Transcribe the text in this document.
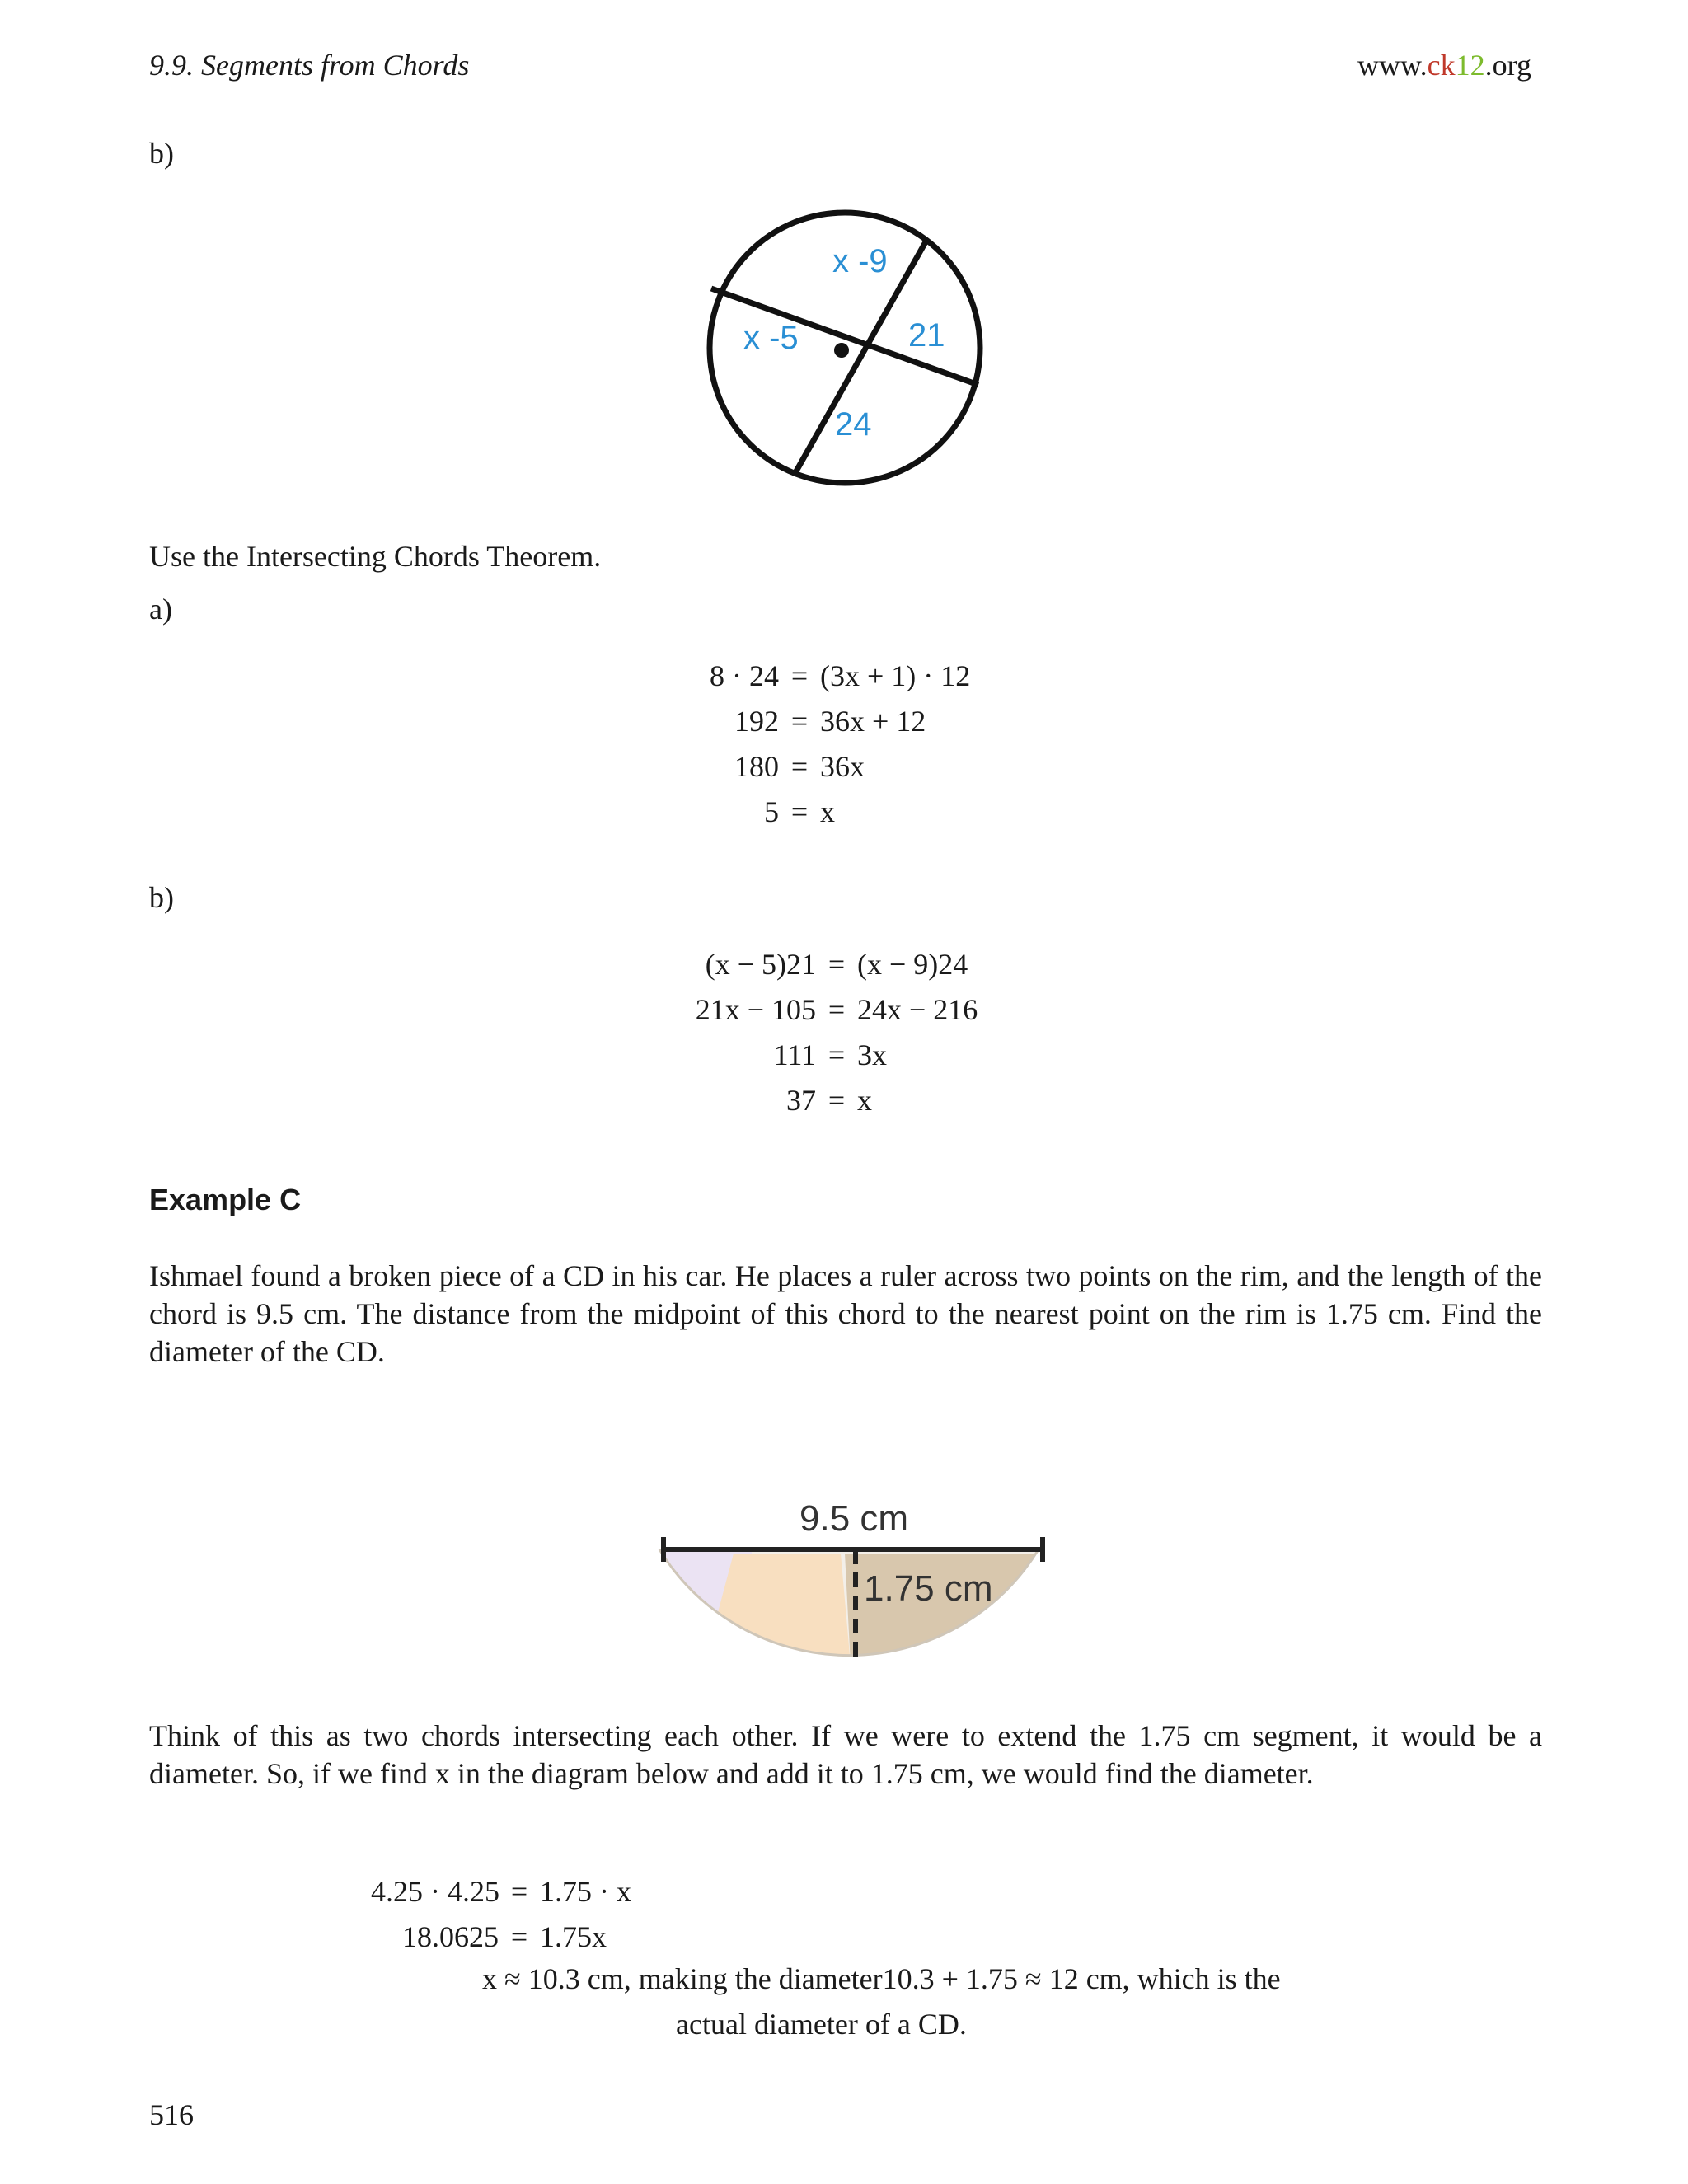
9.9. Segments from Chords	www.ck12.org
b)
x -9
x -5	21
24
Use the Intersecting Chords Theorem.
a)
8 · 24 = (3x + 1) · 12
192 = 36x + 12
180 = 36x
5 = x
b)
(x − 5)21 = (x − 9)24
21x − 105 = 24x − 216
111 = 3x
37 = x
Example C
Ishmael found a broken piece of a CD in his car. He places a ruler across two points on the rim, and the length of the chord is 9.5 cm. The distance from the midpoint of this chord to the nearest point on the rim is 1.75 cm. Find the diameter of the CD.
9.5 cm
1.75 cm
Think of this as two chords intersecting each other. If we were to extend the 1.75 cm segment, it would be a diameter. So, if we find x in the diagram below and add it to 1.75 cm, we would find the diameter.
4.25 · 4.25 = 1.75 · x
18.0625 = 1.75x
x ≈ 10.3 cm, making the diameter10.3 + 1.75 ≈ 12 cm, which is the
actual diameter of a CD.
516
